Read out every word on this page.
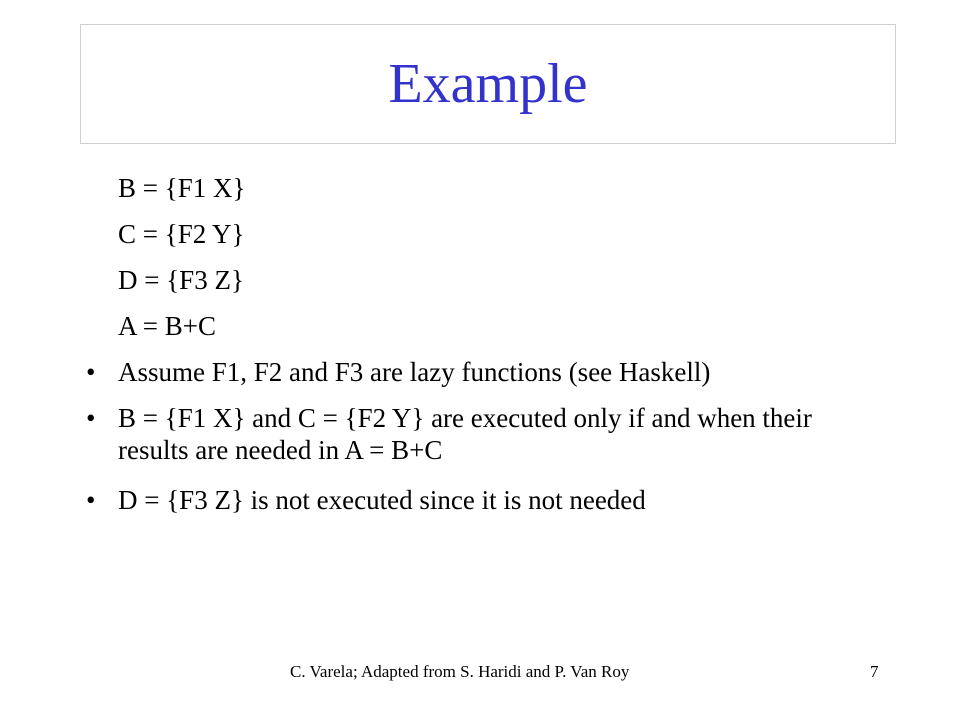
Example
B = {F1 X}
C = {F2 Y}
D = {F3 Z}
A = B+C
• Assume F1, F2 and F3 are lazy functions (see Haskell)
• B = {F1 X} and C = {F2 Y} are executed only if and when their results are needed in A = B+C
• D = {F3 Z} is not executed since it is not needed
C. Varela; Adapted from S. Haridi and P. Van Roy	7
